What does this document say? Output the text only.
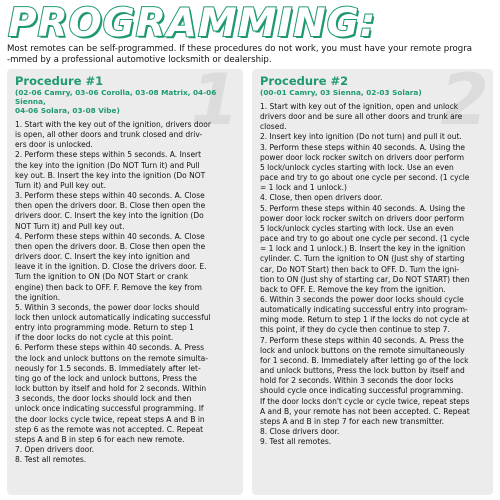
PROGRAMMING:

Most remotes can be self-programmed. If these procedures do not work, you must have your remote progra
-mmed by a professional automotive locksmith or dealership.

1
Procedure #1

(02-06 Camry, 03-06 Corolla, 03-08 Matrix, 04-06 Sienna,
04-06 Solara, 03-08 Vibe)

1. Start with the key out of the ignition, drivers door
is open, all other doors and trunk closed and driv-
ers door is unlocked.
2. Perform these steps within 5 seconds. A. Insert
the key into the ignition (Do NOT Turn it) and Pull
key out. B. Insert the key into the ignition (Do NOT
Turn it) and Pull key out.
3. Perform these steps within 40 seconds. A. Close
then open the drivers door. B. Close then open the
drivers door. C. Insert the key into the ignition (Do
NOT Turn it) and Pull key out.
4. Perform these steps within 40 seconds. A. Close
then open the drivers door. B. Close then open the
drivers door. C. Insert the key into ignition and
leave it in the ignition. D. Close the drivers door. E.
Turn the ignition to ON (Do NOT Start or crank
engine) then back to OFF. F. Remove the key from
the ignition.
5. Within 3 seconds, the power door locks should
lock then unlock automatically indicating successful
entry into programming mode. Return to step 1
if the door locks do not cycle at this point.
6. Perform these steps within 40 seconds. A. Press
the lock and unlock buttons on the remote simulta-
neously for 1.5 seconds. B. Immediately after let-
ting go of the lock and unlock buttons, Press the
lock button by itself and hold for 2 seconds. Within
3 seconds, the door locks should lock and then
unlock once indicating successful programming. If
the door locks cycle twice, repeat steps A and B in
step 6 as the remote was not accepted. C. Repeat
steps A and B in step 6 for each new remote.
7. Open drivers door.
8. Test all remotes.
2
Procedure #2

(00-01 Camry, 03 Sienna, 02-03 Solara)

1. Start with key out of the ignition, open and unlock
drivers door and be sure all other doors and trunk are
closed.
2. Insert key into ignition (Do not turn) and pull it out.
3. Perform these steps within 40 seconds. A. Using the
power door lock rocker switch on drivers door perform
5 lock/unlock cycles starting with lock. Use an even
pace and try to go about one cycle per second. (1 cycle
= 1 lock and 1 unlock.)
4. Close, then open drivers door.
5. Perform these steps within 40 seconds. A. Using the
power door lock rocker switch on drivers door perform
5 lock/unlock cycles starting with lock. Use an even
pace and try to go about one cycle per second. (1 cycle
= 1 lock and 1 unlock.) B. Insert the key in the ignition
cylinder. C. Turn the ignition to ON (Just shy of starting
car, Do NOT Start) then back to OFF. D. Turn the igni-
tion to ON (Just shy of starting car, Do NOT START) then
back to OFF. E. Remove the key from the ignition.
6. Within 3 seconds the power door locks should cycle
automatically indicating successful entry into program-
ming mode. Return to step 1 if the locks do not cycle at
this point, if they do cycle then continue to step 7.
7. Perform these steps within 40 seconds. A. Press the
lock and unlock buttons on the remote simultaneously
for 1 second. B. Immediately after letting go of the lock
and unlock buttons, Press the lock button by itself and
hold for 2 seconds. Within 3 seconds the door locks
should cycle once indicating successful programming.
If the door locks don't cycle or cycle twice, repeat steps
A and B, your remote has not been accepted. C. Repeat
steps A and B in step 7 for each new transmitter.
8. Close drivers door.
9. Test all remotes.
